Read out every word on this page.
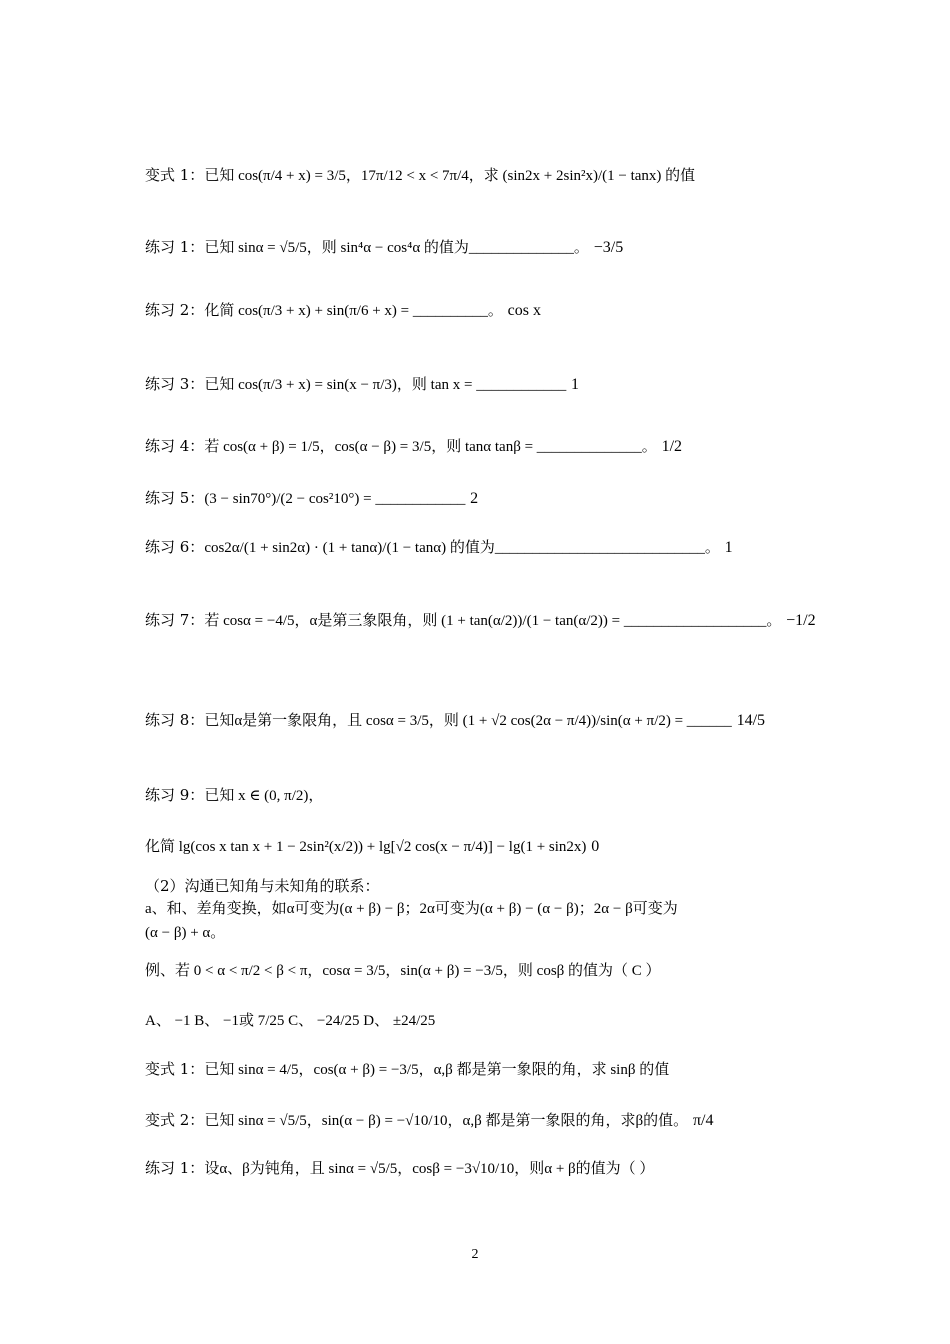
变式 1：已知 cos(π/4 + x) = 3/5，17π/12 < x < 7π/4，求 (sin2x + 2sin²x)/(1 − tanx) 的值
练习 1：已知 sinα = √5/5，则 sin⁴α − cos⁴α 的值为______________。 −3/5
练习 2：化简 cos(π/3 + x) + sin(π/6 + x) = __________。 cos x
练习 3：已知 cos(π/3 + x) = sin(x − π/3)，则 tan x = ____________ 1
练习 4：若 cos(α + β) = 1/5，cos(α − β) = 3/5，则 tanα tanβ = ______________。 1/2
练习 5：(3 − sin70°)/(2 − cos²10°) = ____________ 2
练习 6：cos2α/(1 + sin2α) · (1 + tanα)/(1 − tanα) 的值为____________________________。 1
练习 7：若 cosα = −4/5，α是第三象限角，则 (1 + tan(α/2))/(1 − tan(α/2)) = ___________________。 −1/2
练习 8：已知α是第一象限角，且 cosα = 3/5，则 (1 + √2 cos(2α − π/4))/sin(α + π/2) = ______ 14/5
练习 9：已知 x ∈ (0, π/2)，
化简 lg(cos x tan x + 1 − 2sin²(x/2)) + lg[√2 cos(x − π/4)] − lg(1 + sin2x) 0
（2）沟通已知角与未知角的联系：
a、和、差角变换，如α可变为(α + β) − β；2α可变为(α + β) − (α − β)；2α − β可变为
(α − β) + α。
例、若 0 < α < π/2 < β < π，cosα = 3/5，sin(α + β) = −3/5，则 cosβ 的值为（ C ）
A、 −1 B、 −1或 7/25 C、 −24/25 D、 ±24/25
变式 1：已知 sinα = 4/5，cos(α + β) = −3/5，α,β 都是第一象限的角，求 sinβ 的值
变式 2：已知 sinα = √5/5，sin(α − β) = −√10/10，α,β 都是第一象限的角，求β的值。 π/4
练习 1：设α、β为钝角，且 sinα = √5/5，cosβ = −3√10/10，则α + β的值为（ ）
2
